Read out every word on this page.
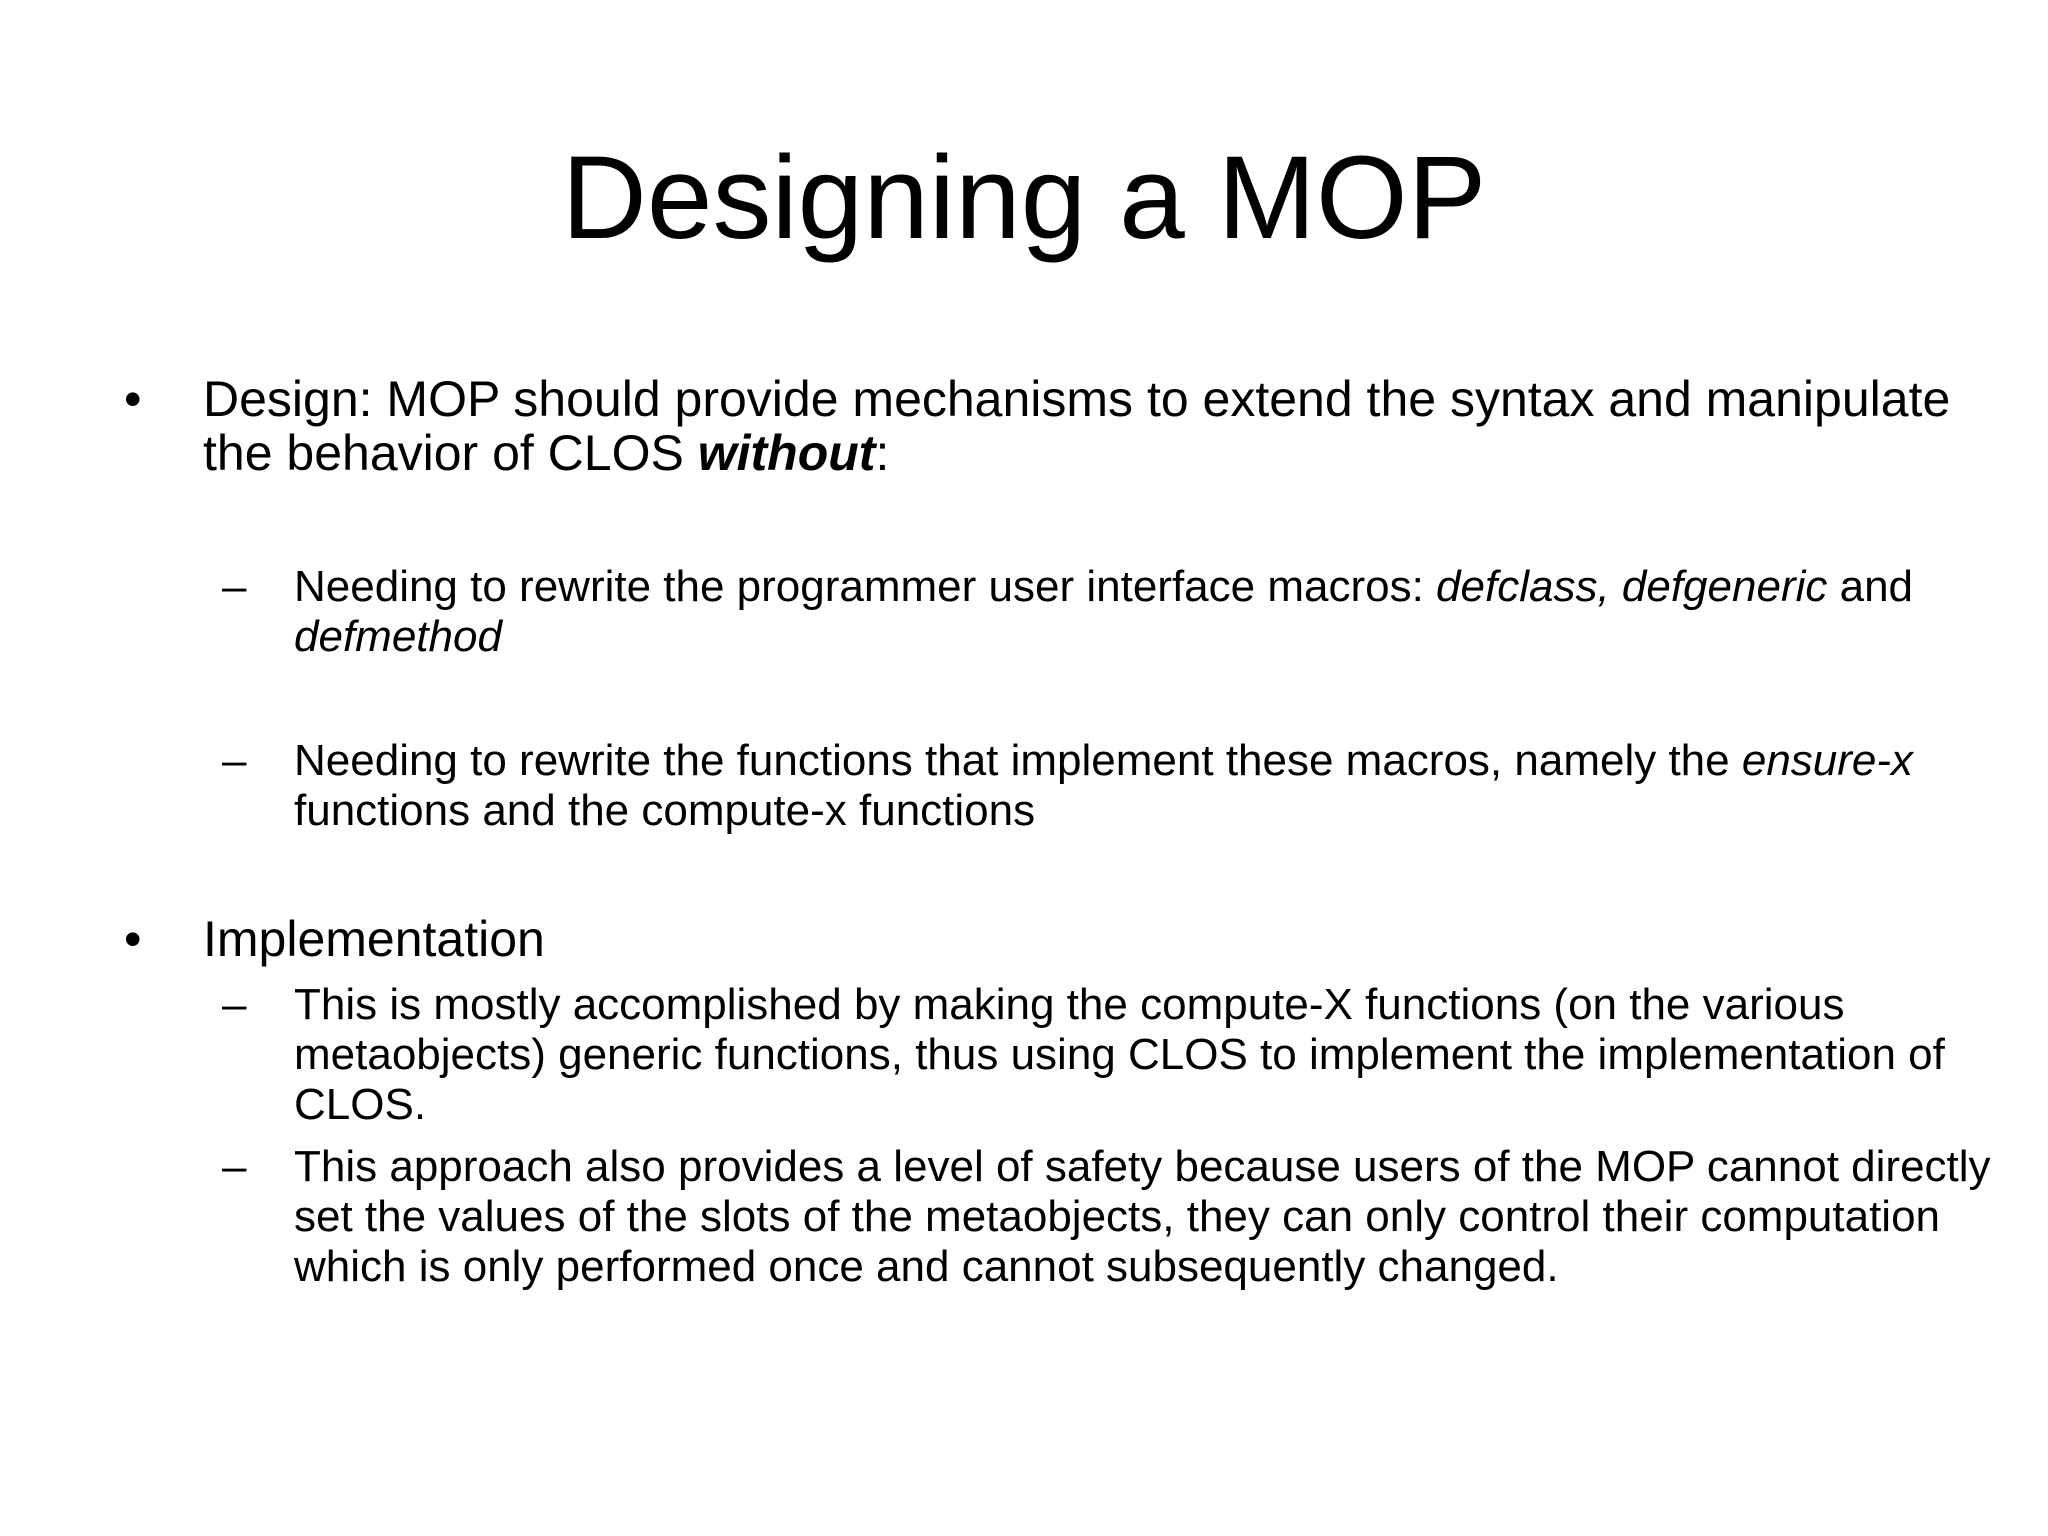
Designing a MOP
• Design: MOP should provide mechanisms to extend the syntax and manipulate the behavior of CLOS without:
– Needing to rewrite the programmer user interface macros: defclass, defgeneric and defmethod
– Needing to rewrite the functions that implement these macros, namely the ensure-x functions and the compute-x functions
• Implementation
– This is mostly accomplished by making the compute-X functions (on the various metaobjects) generic functions, thus using CLOS to implement the implementation of CLOS.
– This approach also provides a level of safety because users of the MOP cannot directly set the values of the slots of the metaobjects, they can only control their computation which is only performed once and cannot subsequently changed.
